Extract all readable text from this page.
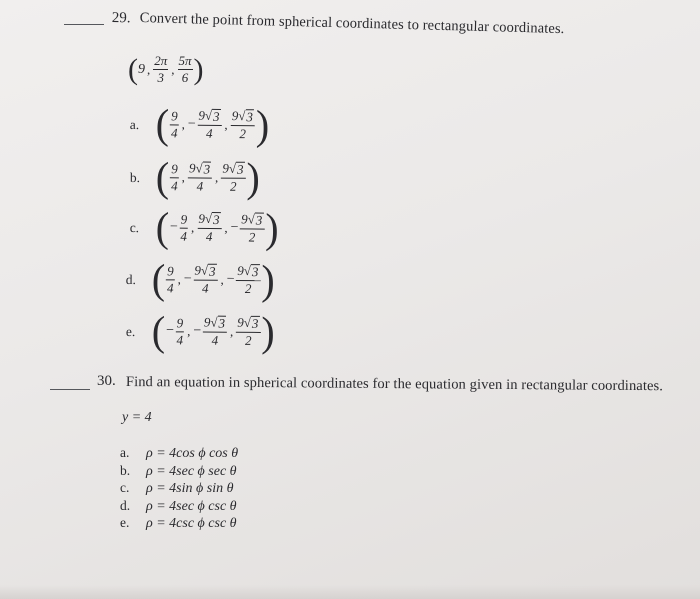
29. Convert the point from spherical coordinates to rectangular coordinates.
( 9 , $\frac{2\pi}{3}$ , $\frac{5\pi}{6}$ )
a. ( $\frac{9}{4}$ , − $\frac{9 √ 3}{4}$ , $\frac{9 √ 3}{2}$ )
b. ( $\frac{9}{4}$ , $\frac{9 √ 3}{4}$ , $\frac{9 √ 3}{2}$ )
c. ( − $\frac{9}{4}$ , $\frac{9 √ 3}{4}$ , − $\frac{9 √ 3}{2}$ )
d. ( $\frac{9}{4}$ , − $\frac{9 √ 3}{4}$ , − $\frac{9 √ 3}{2}$ )
e. ( − $\frac{9}{4}$ , − $\frac{9 √ 3}{4}$ , $\frac{9 √ 3}{2}$ )
30. Find an equation in spherical coordinates for the equation given in rectangular coordinates.
y = 4
a. ρ = 4cos ϕ cos θ
b. ρ = 4sec ϕ sec θ
c. ρ = 4sin ϕ sin θ
d. ρ = 4sec ϕ csc θ
e. ρ = 4csc ϕ csc θ
